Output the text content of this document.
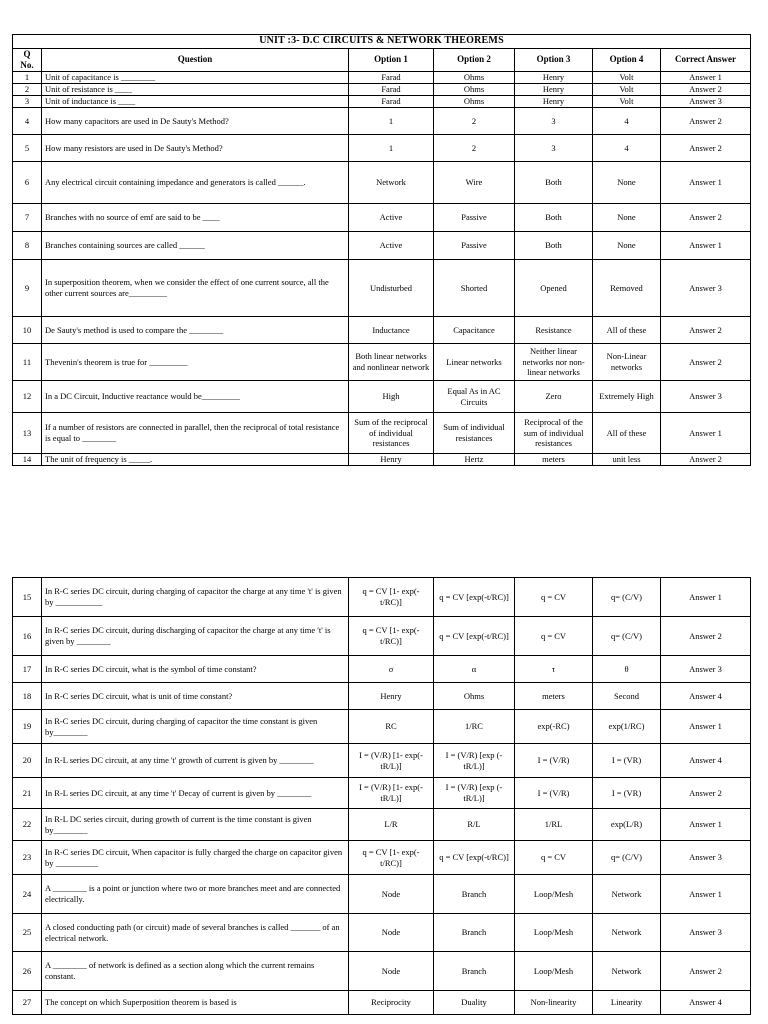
UNIT :3- D.C CIRCUITS & NETWORK THEOREMS						
Q No.	Question	Option 1	Option 2	Option 3	Option 4	Correct Answer
1	Unit of capacitance is ________	Farad	Ohms	Henry	Volt	Answer 1
2	Unit of resistance is ____	Farad	Ohms	Henry	Volt	Answer 2
3	Unit of inductance is ____	Farad	Ohms	Henry	Volt	Answer 3
4	How many capacitors are used in De Sauty's Method?	1	2	3	4	Answer 2
5	How many resistors are used in De Sauty's Method?	1	2	3	4	Answer 2
6	Any electrical circuit containing impedance and generators is called ______.	Network	Wire	Both	None	Answer 1
7	Branches with no source of emf are said to be ____	Active	Passive	Both	None	Answer 2
8	Branches containing sources are called ______	Active	Passive	Both	None	Answer 1
9	In superposition theorem, when we consider the effect of one current source, all the other current sources are_________	Undisturbed	Shorted	Opened	Removed	Answer 3
10	De Sauty's method is used to compare the ________	Inductance	Capacitance	Resistance	All of these	Answer 2
11	Thevenin's theorem is true for _________	Both linear networks and nonlinear network	Linear networks	Neither linear networks nor non-linear networks	Non-Linear networks	Answer 2
12	In a DC Circuit, Inductive reactance would be_________	High	Equal As in AC Circuits	Zero	Extremely High	Answer 3
13	If a number of resistors are connected in parallel, then the reciprocal of total resistance is equal to ________	Sum of the reciprocal of individual resistances	Sum of individual resistances	Reciprocal of the sum of individual resistances	All of these	Answer 1
14	The unit of frequency is _____.	Henry	Hertz	meters	unit less	Answer 2
15	In R-C series DC circuit, during charging of capacitor the charge at any time 't' is given by ___________	q = CV [1- exp(-t/RC)]	q = CV [exp(-t/RC)]	q = CV	q= (C/V)	Answer 1
16	In R-C series DC circuit, during discharging of capacitor the charge at any time 't' is given by ________	q = CV [1- exp(-t/RC)]	q = CV [exp(-t/RC)]	q = CV	q= (C/V)	Answer 2
17	In R-C series DC circuit, what is the symbol of time constant?	σ	α	τ	θ	Answer 3
18	In R-C series DC circuit, what is unit of time constant?	Henry	Ohms	meters	Second	Answer 4
19	In R-C series DC circuit, during charging of capacitor the time constant is given by________	RC	1/RC	exp(-RC)	exp(1/RC)	Answer 1
20	In R-L series DC circuit, at any time 't' growth of current is given by ________	I = (V/R) [1- exp(-tR/L)]	I = (V/R) [exp (-tR/L)]	I = (V/R)	I = (VR)	Answer 4
21	In R-L series DC circuit, at any time 't' Decay of current is given by ________	I = (V/R) [1- exp(-tR/L)]	I = (V/R) [exp (-tR/L)]	I = (V/R)	I = (VR)	Answer 2
22	In R-L DC series circuit, during growth of current is the time constant is given by________	L/R	R/L	1/RL	exp(L/R)	Answer 1
23	In R-C series DC circuit, When capacitor is fully charged the charge on capacitor given by __________	q = CV [1- exp(-t/RC)]	q = CV [exp(-t/RC)]	q = CV	q= (C/V)	Answer 3
24	A ________ is a point or junction where two or more branches meet and are connected electrically.	Node	Branch	Loop/Mesh	Network	Answer 1
25	A closed conducting path (or circuit) made of several branches is called _______ of an electrical network.	Node	Branch	Loop/Mesh	Network	Answer 3
26	A ________ of network is defined as a section along which the current remains constant.	Node	Branch	Loop/Mesh	Network	Answer 2
27	The concept on which Superposition theorem is based is	Reciprocity	Duality	Non-linearity	Linearity	Answer 4
